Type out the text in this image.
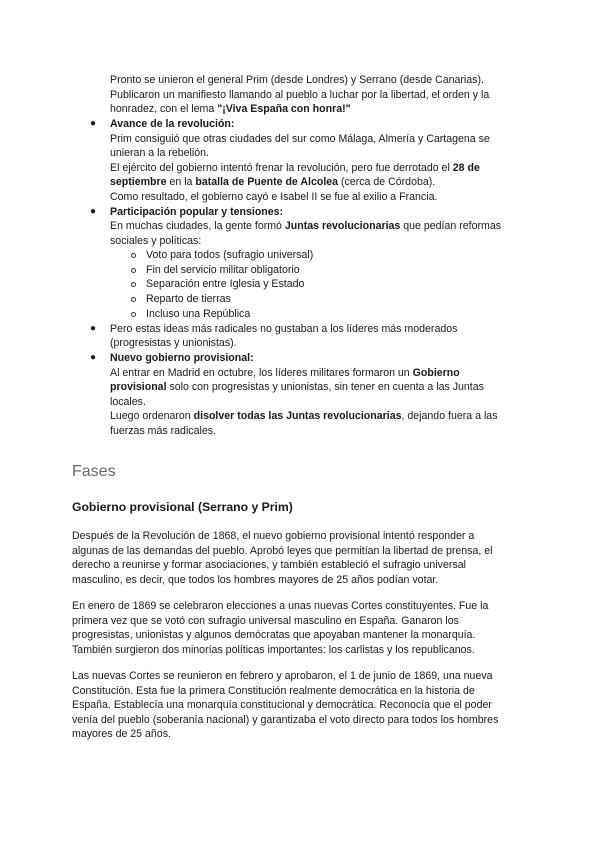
Pronto se unieron el general Prim (desde Londres) y Serrano (desde Canarias).

Publicaron un manifiesto llamando al pueblo a luchar por la libertad, el orden y la

honradez, con el lema "¡Viva España con honra!"

● Avance de la revolución:

Prim consiguió que otras ciudades del sur como Málaga, Almería y Cartagena se

unieran a la rebelión.

El ejército del gobierno intentó frenar la revolución, pero fue derrotado el 28 de

septiembre en la batalla de Puente de Alcolea (cerca de Córdoba).

Como resultado, el gobierno cayó e Isabel II se fue al exilio a Francia.

● Participación popular y tensiones:

En muchas ciudades, la gente formó Juntas revolucionarias que pedían reformas

sociales y políticas:

Voto para todos (sufragio universal)

Fin del servicio militar obligatorio

Separación entre Iglesia y Estado

Reparto de tierras

Incluso una República

● Pero estas ideas más radicales no gustaban a los líderes más moderados

(progresistas y unionistas).

● Nuevo gobierno provisional:

Al entrar en Madrid en octubre, los líderes militares formaron un Gobierno

provisional solo con progresistas y unionistas, sin tener en cuenta a las Juntas

locales.

Luego ordenaron disolver todas las Juntas revolucionarias, dejando fuera a las

fuerzas más radicales.

Fases
Gobierno provisional (Serrano y Prim)

Después de la Revolución de 1868, el nuevo gobierno provisional intentó responder a

algunas de las demandas del pueblo. Aprobó leyes que permitían la libertad de prensa, el

derecho a reunirse y formar asociaciones, y también estableció el sufragio universal

masculino, es decir, que todos los hombres mayores de 25 años podían votar.

En enero de 1869 se celebraron elecciones a unas nuevas Cortes constituyentes. Fue la

primera vez que se votó con sufragio universal masculino en España. Ganaron los

progresistas, unionistas y algunos demócratas que apoyaban mantener la monarquía.

También surgieron dos minorías políticas importantes: los carlistas y los republicanos.

Las nuevas Cortes se reunieron en febrero y aprobaron, el 1 de junio de 1869, una nueva

Constitución. Esta fue la primera Constitución realmente democrática en la historia de

España. Establecía una monarquía constitucional y democrática. Reconocía que el poder

venía del pueblo (soberanía nacional) y garantizaba el voto directo para todos los hombres

mayores de 25 años.
